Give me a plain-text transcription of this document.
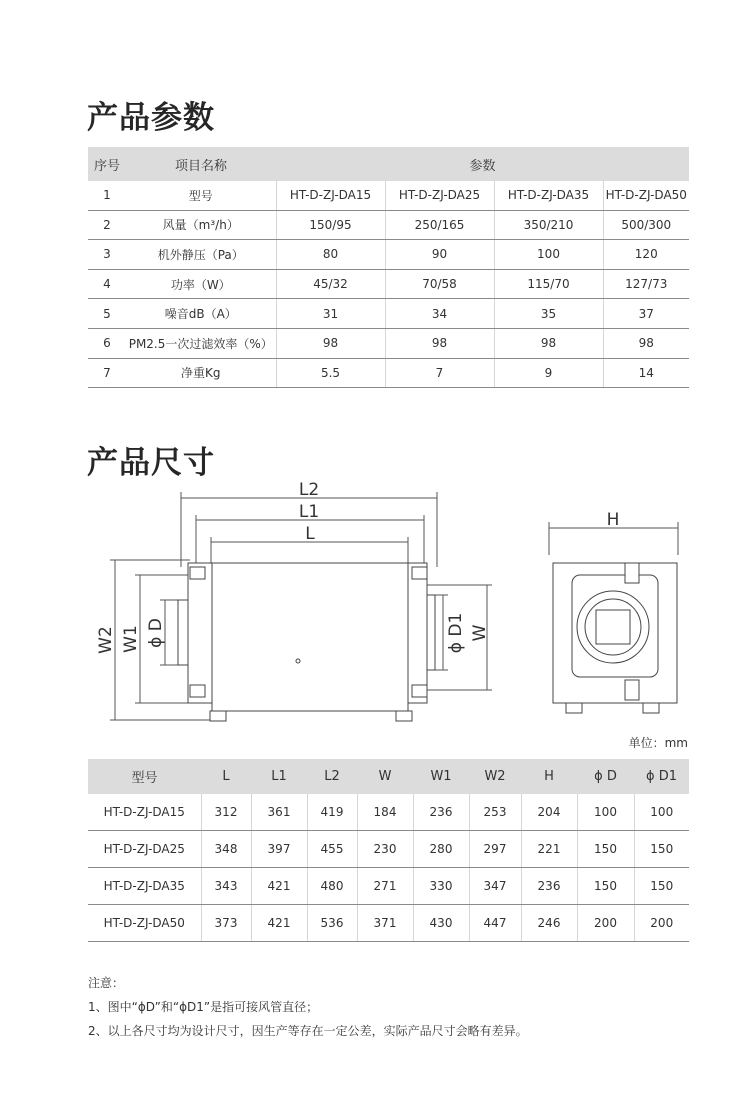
产品参数
序号	项目名称	参数			
1	型号	HT-D-ZJ-DA15	HT-D-ZJ-DA25	HT-D-ZJ-DA35	HT-D-ZJ-DA50
2	风量（m³/h）	150/95	250/165	350/210	500/300
3	机外静压（Pa）	80	90	100	120
4	功率（W）	45/32	70/58	115/70	127/73
5	噪音dB（A）	31	34	35	37
6	PM2.5一次过滤效率（%）	98	98	98	98
7	净重Kg	5.5	7	9	14
产品尺寸
L2
L1
L
H
W2 W1 ϕ D	ϕ D1 W
单位：mm
型号	L	L1	L2	W	W1	W2	H	ϕ D	ϕ D1
HT-D-ZJ-DA15	312	361	419	184	236	253	204	100	100
HT-D-ZJ-DA25	348	397	455	230	280	297	221	150	150
HT-D-ZJ-DA35	343	421	480	271	330	347	236	150	150
HT-D-ZJ-DA50	373	421	536	371	430	447	246	200	200
注意：
1、图中“ϕD”和“ϕD1”是指可接风管直径；
2、以上各尺寸均为设计尺寸，因生产等存在一定公差，实际产品尺寸会略有差异。
